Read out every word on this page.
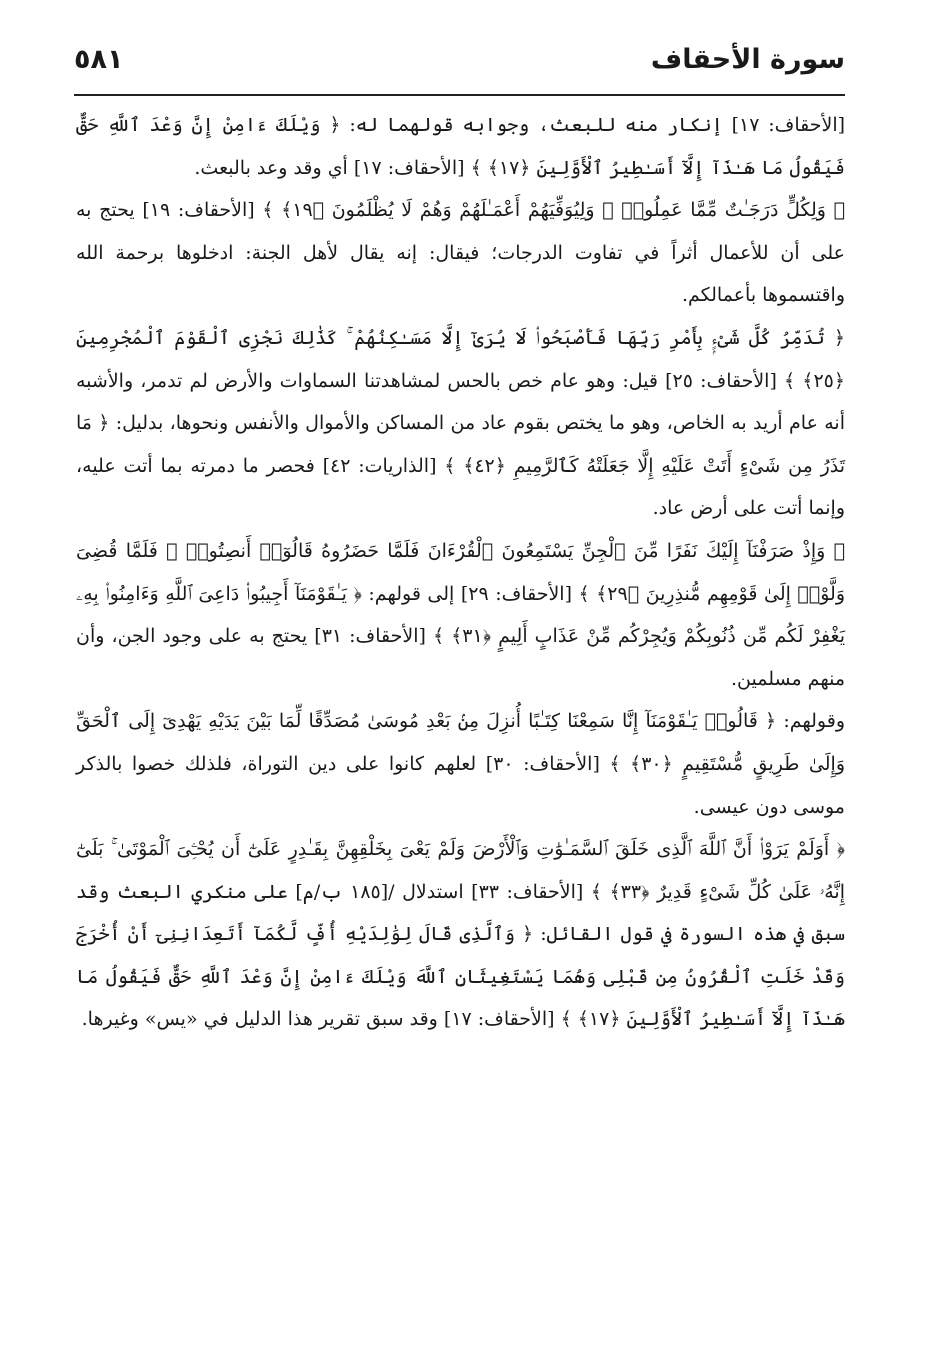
سورة الأحقاف
٥٨١

[الأحقاف: ١٧] إنكار منه للبعث، وجوابه قولهما له: ﴿ وَيْلَكَ ءَامِنْ إِنَّ وَعْدَ ٱللَّهِ حَقٌّ فَيَقُولُ مَا هَـٰذَآ إِلَّآ أَسَـٰطِيرُ ٱلْأَوَّلِينَ ﴿١٧﴾ ﴾ [الأحقاف: ١٧] أي وقد وعد بالبعث.

﴿ وَلِكُلٍّ دَرَجَـٰتٌ مِّمَّا عَمِلُوا۟ ۖ وَلِيُوَفِّيَهُمْ أَعْمَـٰلَهُمْ وَهُمْ لَا يُظْلَمُونَ ﴿١٩﴾ ﴾ [الأحقاف: ١٩] يحتج به على أن للأعمال أثراً في تفاوت الدرجات؛ فيقال: إنه يقال لأهل الجنة: ادخلوها برحمة الله واقتسموها بأعمالكم.

﴿ تُدَمِّرُ كُلَّ شَىْءٍۭ بِأَمْرِ رَبِّهَا فَأَصْبَحُوا۟ لَا يُرَىٰٓ إِلَّا مَسَـٰكِنُهُمْ ۚ كَذَٰلِكَ نَجْزِى ٱلْقَوْمَ ٱلْمُجْرِمِينَ ﴿٢٥﴾ ﴾ [الأحقاف: ٢٥] قيل: وهو عام خص بالحس لمشاهدتنا السماوات والأرض لم تدمر، والأشبه أنه عام أريد به الخاص، وهو ما يختص بقوم عاد من المساكن والأموال والأنفس ونحوها، بدليل: ﴿ مَا تَذَرُ مِن شَىْءٍ أَتَتْ عَلَيْهِ إِلَّا جَعَلَتْهُ كَٱلرَّمِيمِ ﴿٤٢﴾ ﴾ [الذاريات: ٤٢] فحصر ما دمرته بما أتت عليه، وإنما أتت على أرض عاد.

﴿ وَإِذْ صَرَفْنَآ إِلَيْكَ نَفَرًا مِّنَ ٱلْجِنِّ يَسْتَمِعُونَ ٱلْقُرْءَانَ فَلَمَّا حَضَرُوهُ قَالُوٓا۟ أَنصِتُوا۟ ۖ فَلَمَّا قُضِىَ وَلَّوْا۟ إِلَىٰ قَوْمِهِم مُّنذِرِينَ ﴿٢٩﴾ ﴾ [الأحقاف: ٢٩] إلى قولهم: ﴿ يَـٰقَوْمَنَآ أَجِيبُوا۟ دَاعِىَ ٱللَّهِ وَءَامِنُوا۟ بِهِۦ يَغْفِرْ لَكُم مِّن ذُنُوبِكُمْ وَيُجِرْكُم مِّنْ عَذَابٍ أَلِيمٍ ﴿٣١﴾ ﴾ [الأحقاف: ٣١] يحتج به على وجود الجن، وأن منهم مسلمين.

وقولهم: ﴿ قَالُوا۟ يَـٰقَوْمَنَآ إِنَّا سَمِعْنَا كِتَـٰبًا أُنزِلَ مِنۢ بَعْدِ مُوسَىٰ مُصَدِّقًا لِّمَا بَيْنَ يَدَيْهِ يَهْدِىٓ إِلَى ٱلْحَقِّ وَإِلَىٰ طَرِيقٍ مُّسْتَقِيمٍ ﴿٣٠﴾ ﴾ [الأحقاف: ٣٠] لعلهم كانوا على دين التوراة، فلذلك خصوا بالذكر موسى دون عيسى.

﴿ أَوَلَمْ يَرَوْا۟ أَنَّ ٱللَّهَ ٱلَّذِى خَلَقَ ٱلسَّمَـٰوَٰتِ وَٱلْأَرْضَ وَلَمْ يَعْىَ بِخَلْقِهِنَّ بِقَـٰدِرٍ عَلَىٰٓ أَن يُحْـِۧىَ ٱلْمَوْتَىٰ ۚ بَلَىٰٓ إِنَّهُۥ عَلَىٰ كُلِّ شَىْءٍ قَدِيرٌ ﴿٣٣﴾ ﴾ [الأحقاف: ٣٣] استدلال /[١٨٥ ب/م] على منكري البعث وقد سبق في هذه السورة في قول القائل: ﴿ وَٱلَّذِى قَالَ لِوَٰلِدَيْهِ أُفٍّ لَّكُمَآ أَتَعِدَانِنِىٓ أَنْ أُخْرَجَ وَقَدْ خَلَتِ ٱلْقُرُونُ مِن قَبْلِى وَهُمَا يَسْتَغِيثَانِ ٱللَّهَ وَيْلَكَ ءَامِنْ إِنَّ وَعْدَ ٱللَّهِ حَقٌّ فَيَقُولُ مَا هَـٰذَآ إِلَّآ أَسَـٰطِيرُ ٱلْأَوَّلِينَ ﴿١٧﴾ ﴾ [الأحقاف: ١٧] وقد سبق تقرير هذا الدليل في «يس» وغيرها.
